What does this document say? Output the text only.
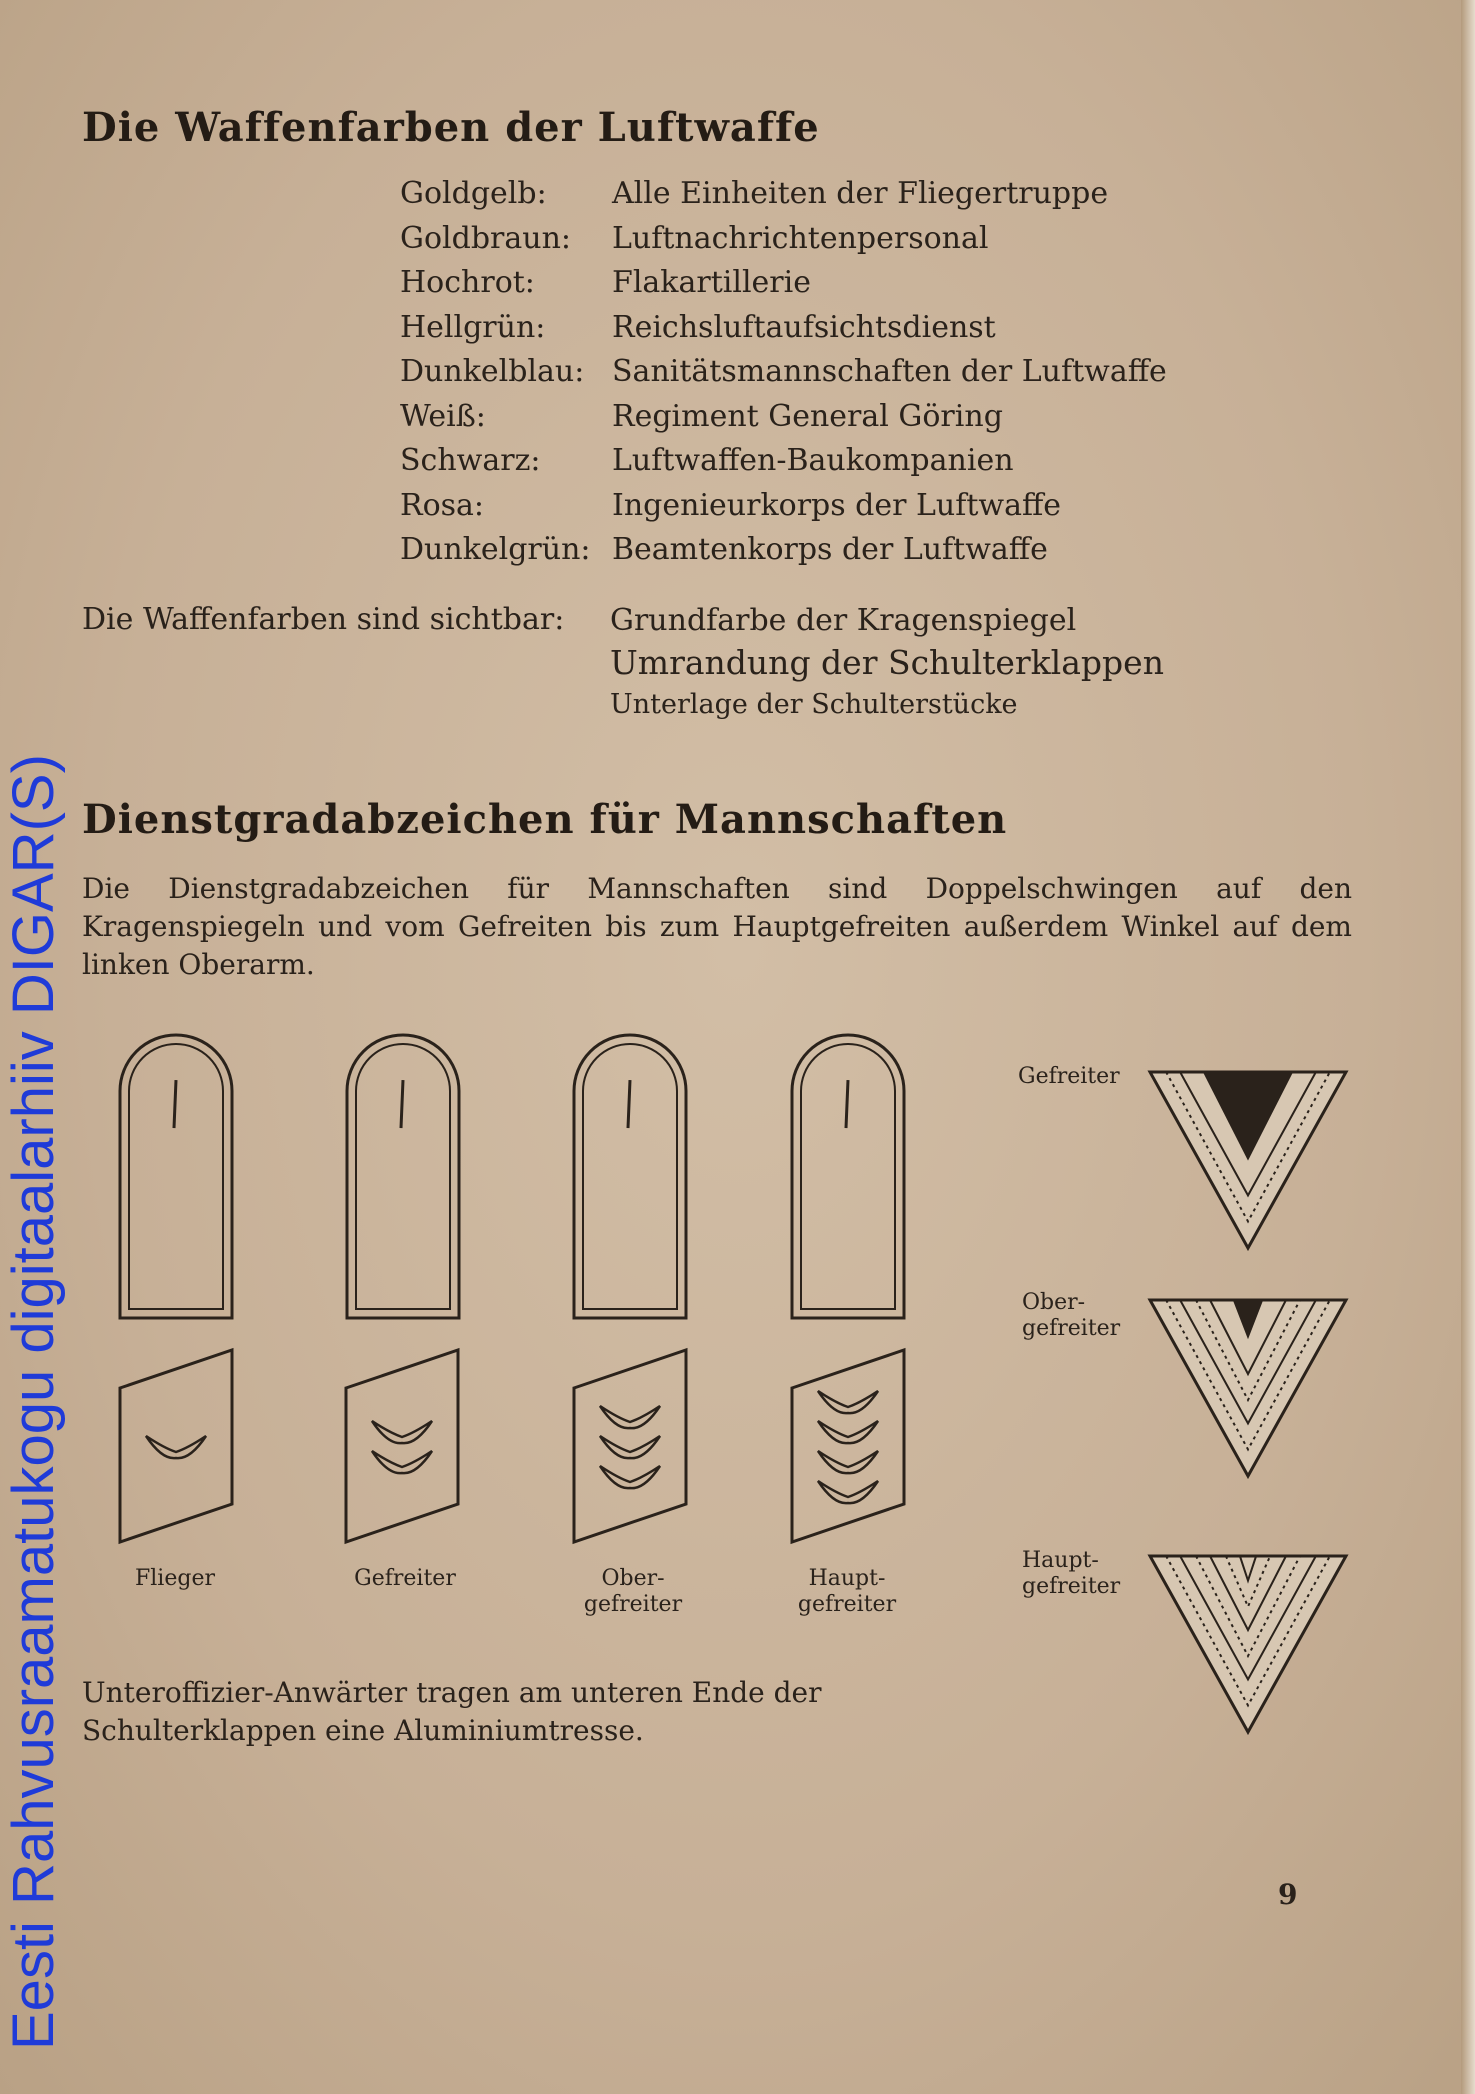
Eesti Rahvusraamatukogu digitaalarhiiv DIGAR(S)
Die Waffenfarben der Luftwaffe
Goldgelb:	Alle Einheiten der Fliegertruppe
Goldbraun:	Luftnachrichtenpersonal
Hochrot:	Flakartillerie
Hellgrün:	Reichsluftaufsichtsdienst
Dunkelblau: Sanitätsmannschaften der Luftwaffe
Weiß:	Regiment General Göring
Schwarz:	Luftwaffen-Baukompanien
Rosa:	Ingenieurkorps der Luftwaffe
Dunkelgrün: Beamtenkorps der Luftwaffe
Die Waffenfarben sind sichtbar: Grundfarbe der Kragenspiegel
Umrandung der Schulterklappen
Unterlage der Schulterstücke
Dienstgradabzeichen für Mannschaften
Die Dienstgradabzeichen für Mannschaften sind Doppelschwingen auf den Kragenspiegeln und vom Gefreiten bis zum Hauptgefreiten außerdem Winkel auf dem linken Oberarm.
Flieger	Gefreiter	Ober-
gefreiter
Haupt-
gefreiter
Gefreiter
Ober-
gefreiter
Haupt-
gefreiter
Unteroffizier-Anwärter tragen am unteren Ende der Schulterklappen eine Aluminiumtresse.
9
